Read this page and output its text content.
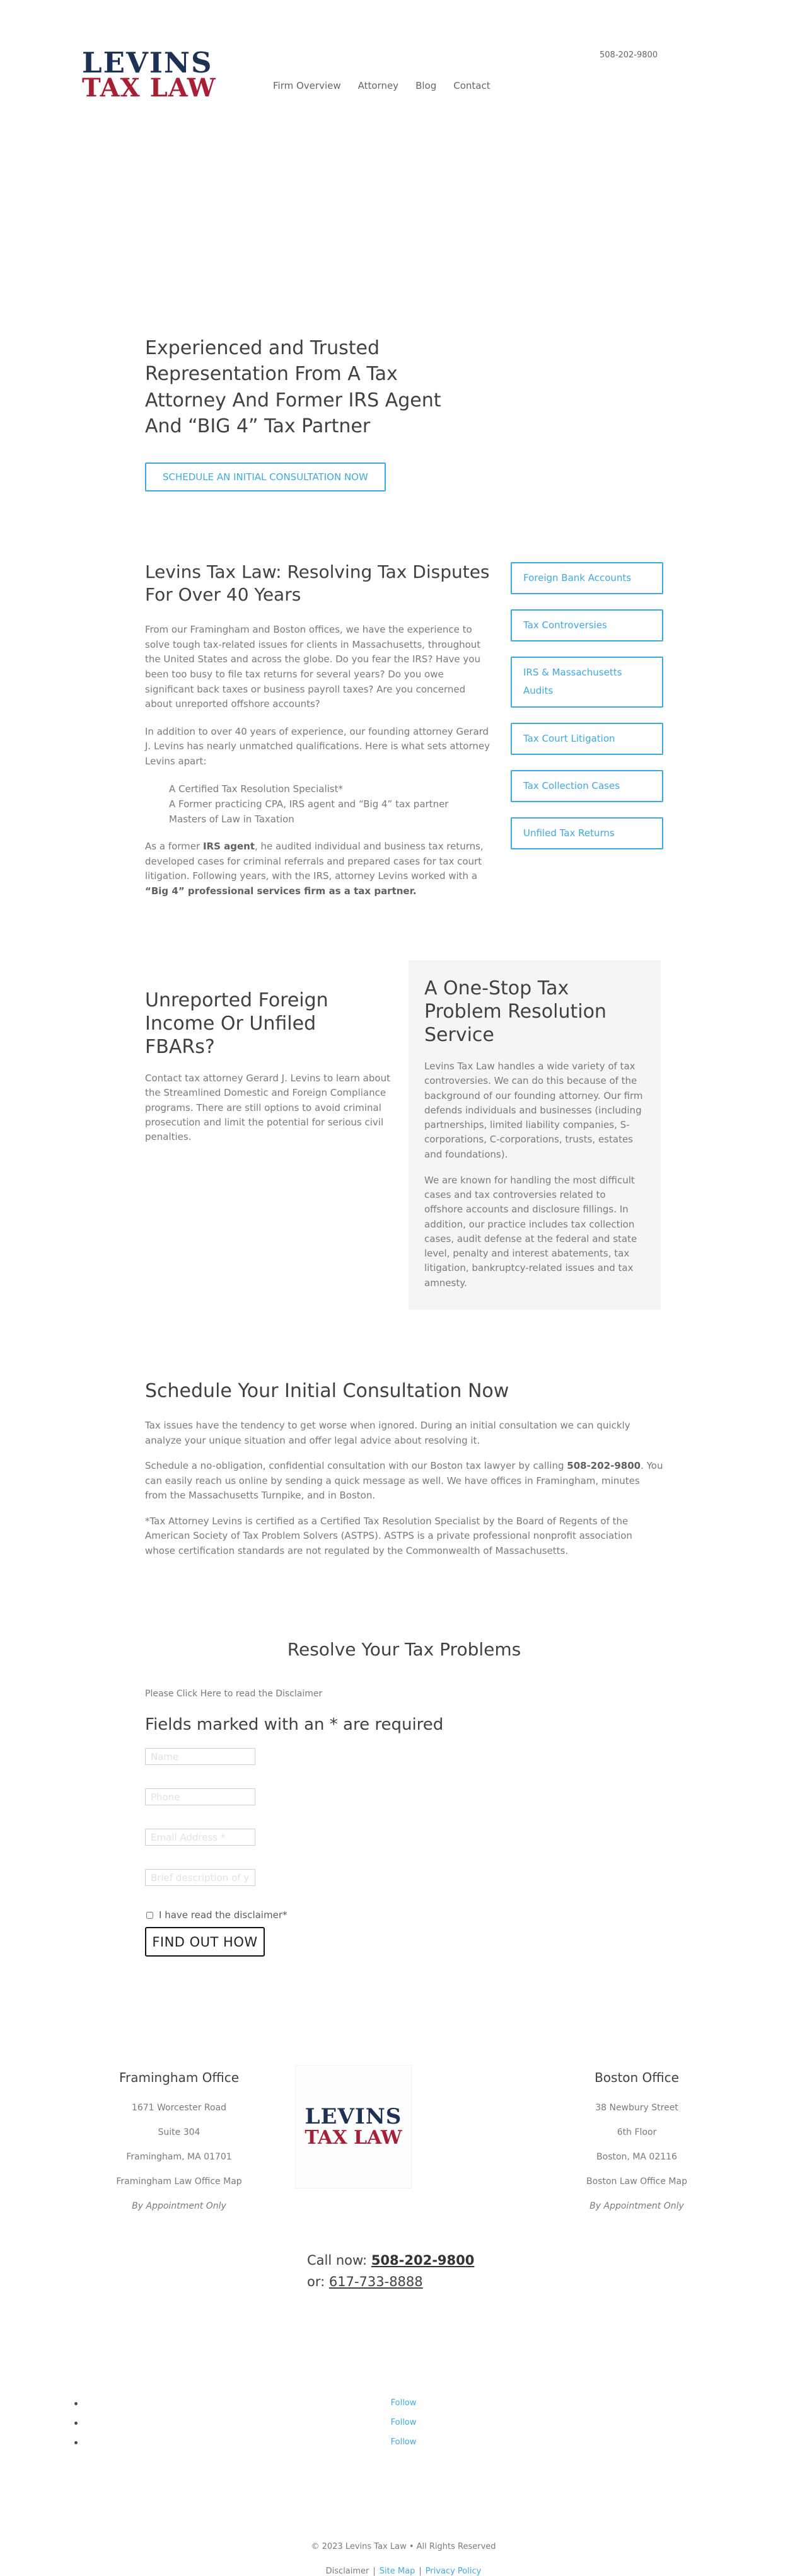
LEVINS
TAX LAW	Firm Overview Attorney Blog Contact
508-202-9800
Experienced and Trusted Representation From A Tax Attorney And Former IRS Agent And “BIG 4” Tax Partner
SCHEDULE AN INITIAL CONSULTATION NOW
Levins Tax Law: Resolving Tax Disputes For Over 40 Years

From our Framingham and Boston offices, we have the experience to solve tough tax-related issues for clients in Massachusetts, throughout the United States and across the globe. Do you fear the IRS? Have you been too busy to file tax returns for several years? Do you owe significant back taxes or business payroll taxes? Are you concerned about unreported offshore accounts?

In addition to over 40 years of experience, our founding attorney Gerard J. Levins has nearly unmatched qualifications. Here is what sets attorney Levins apart:

A Certified Tax Resolution Specialist*
A Former practicing CPA, IRS agent and “Big 4” tax partner
Masters of Law in Taxation

As a former IRS agent, he audited individual and business tax returns, developed cases for criminal referrals and prepared cases for tax court litigation. Following years, with the IRS, attorney Levins worked with a “Big 4” professional services firm as a tax partner.

Foreign Bank Accounts
Tax Controversies
IRS & Massachusetts Audits
Tax Court Litigation
Tax Collection Cases
Unfiled Tax Returns
Unreported Foreign Income Or Unfiled FBARs?

Contact tax attorney Gerard J. Levins to learn about the Streamlined Domestic and Foreign Compliance programs. There are still options to avoid criminal prosecution and limit the potential for serious civil penalties.

A One-Stop Tax Problem Resolution Service

Levins Tax Law handles a wide variety of tax controversies. We can do this because of the background of our founding attorney. Our firm defends individuals and businesses (including partnerships, limited liability companies, S-corporations, C-corporations, trusts, estates and foundations).

We are known for handling the most difficult cases and tax controversies related to offshore accounts and disclosure fillings. In addition, our practice includes tax collection cases, audit defense at the federal and state level, penalty and interest abatements, tax litigation, bankruptcy-related issues and tax amnesty.

Schedule Your Initial Consultation Now

Tax issues have the tendency to get worse when ignored. During an initial consultation we can quickly analyze your unique situation and offer legal advice about resolving it.

Schedule a no-obligation, confidential consultation with our Boston tax lawyer by calling 508-202-9800. You can easily reach us online by sending a quick message as well. We have offices in Framingham, minutes from the Massachusetts Turnpike, and in Boston.

*Tax Attorney Levins is certified as a Certified Tax Resolution Specialist by the Board of Regents of the American Society of Tax Problem Solvers (ASTPS). ASTPS is a private professional nonprofit association whose certification standards are not regulated by the Commonwealth of Massachusetts.

Resolve Your Tax Problems
Please Click Here to read the Disclaimer
Fields marked with an * are required
Name
Phone
Email Address *
Brief description of your legal issue *
I have read the disclaimer*
FIND OUT HOW
Framingham Office

1671 Worcester Road

Suite 304

Framingham, MA 01701

Framingham Law Office Map

By Appointment Only

LEVINS
TAX LAW
Boston Office

38 Newbury Street

6th Floor

Boston, MA 02116

Boston Law Office Map

By Appointment Only

Call now: 508-202-9800
or: 617-733-8888
Follow
Follow
Follow
© 2023 Levins Tax Law • All Rights Reserved
Disclaimer | Site Map | Privacy Policy
